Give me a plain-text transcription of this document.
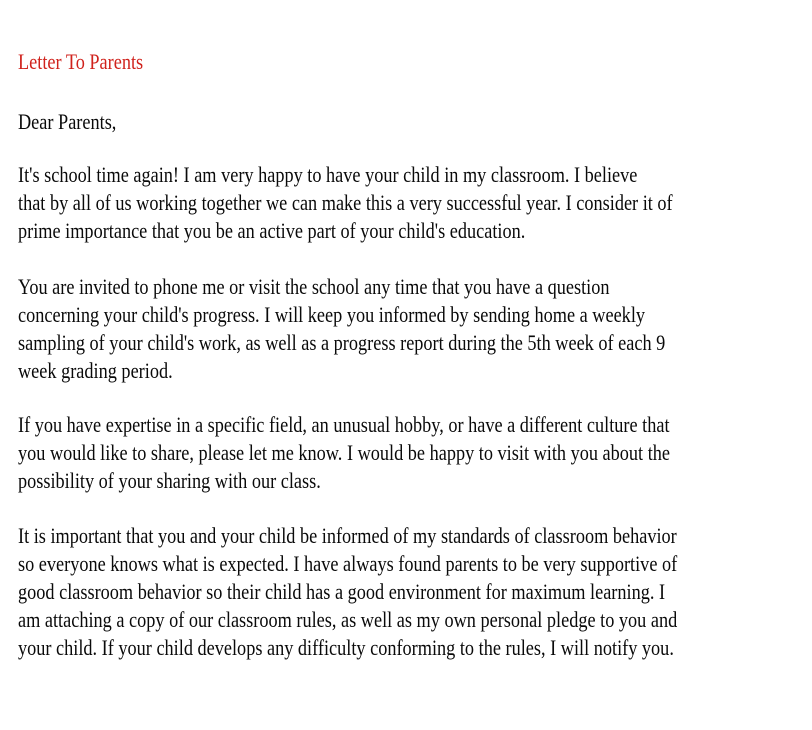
Letter To Parents

Dear Parents,

It's school time again! I am very happy to have your child in my classroom. I believe
that by all of us working together we can make this a very successful year. I consider it of
prime importance that you be an active part of your child's education.
You are invited to phone me or visit the school any time that you have a question
concerning your child's progress. I will keep you informed by sending home a weekly
sampling of your child's work, as well as a progress report during the 5th week of each 9
week grading period.
If you have expertise in a specific field, an unusual hobby, or have a different culture that
you would like to share, please let me know. I would be happy to visit with you about the
possibility of your sharing with our class.
It is important that you and your child be informed of my standards of classroom behavior
so everyone knows what is expected. I have always found parents to be very supportive of
good classroom behavior so their child has a good environment for maximum learning. I
am attaching a copy of our classroom rules, as well as my own personal pledge to you and
your child. If your child develops any difficulty conforming to the rules, I will notify you.
